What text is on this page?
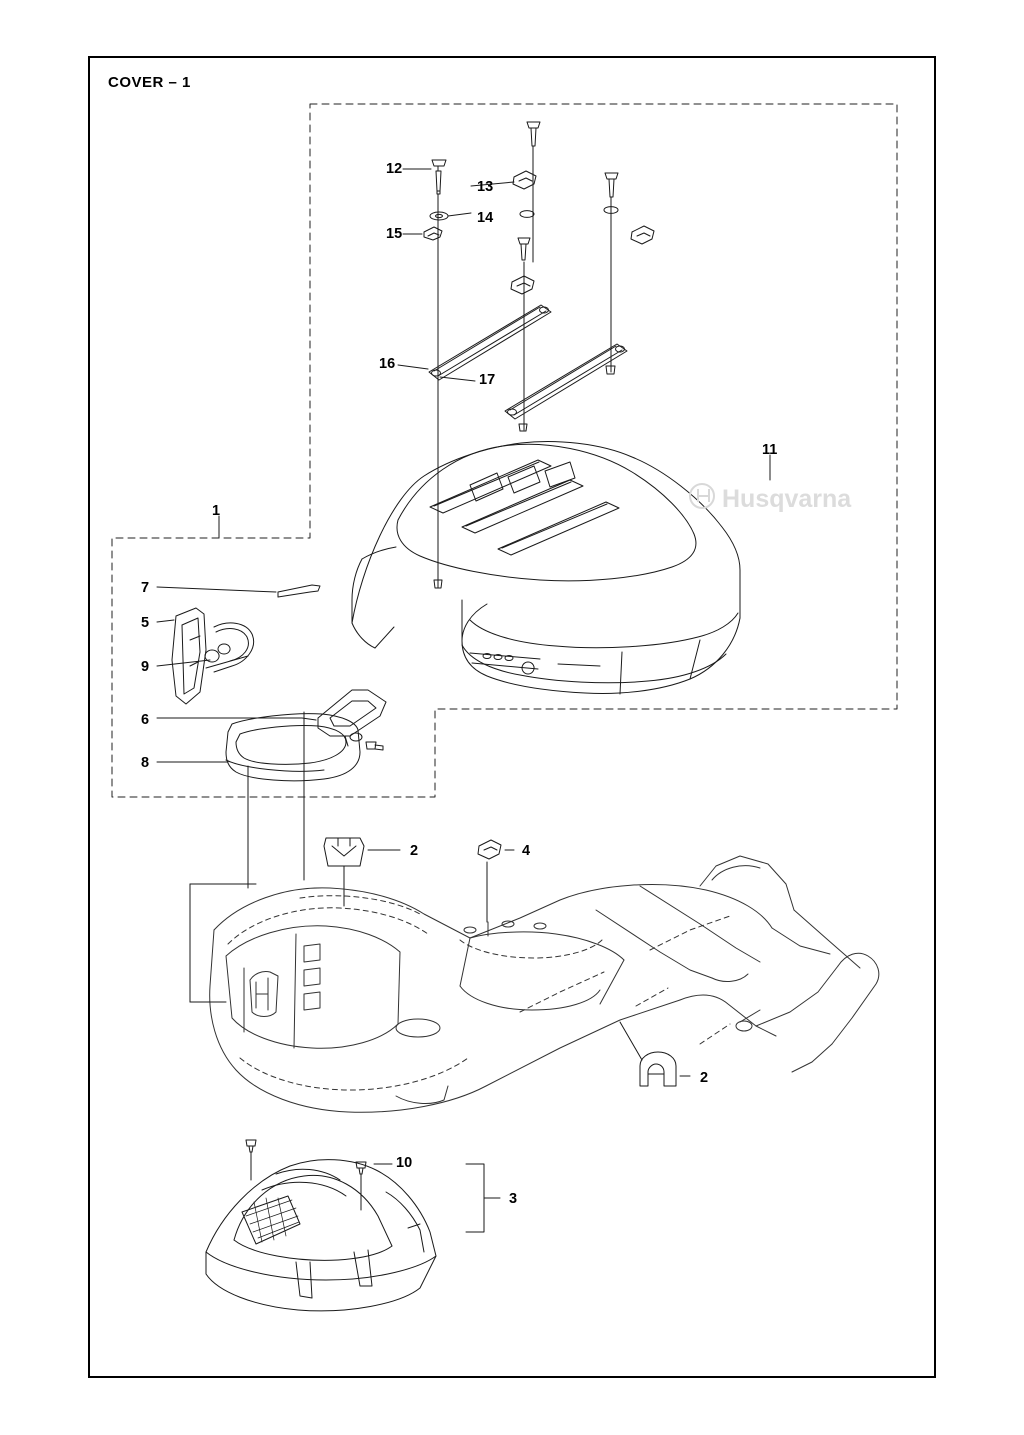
COVER – 1
Husqvarna
1
2
2
3
4
5
6
7
8
9
10
11
12
13
14
15
16
17
